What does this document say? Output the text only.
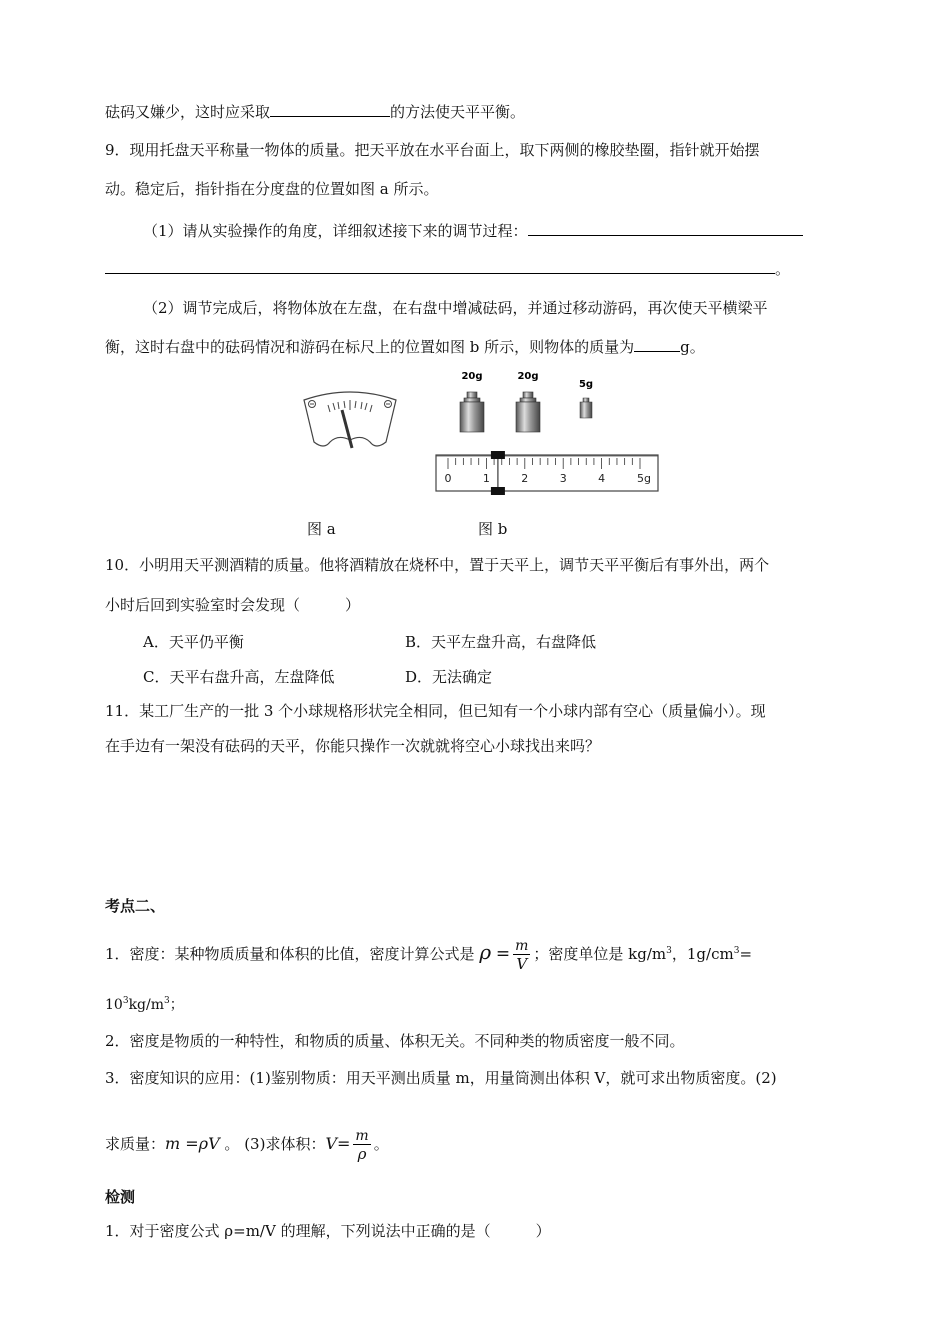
砝码又嫌少，这时应采取	的方法使天平平衡。
9．现用托盘天平称量一物体的质量。把天平放在水平台面上，取下两侧的橡胶垫圈，指针就开始摆
动。稳定后，指针指在分度盘的位置如图 a 所示。
（1）请从实验操作的角度，详细叙述接下来的调节过程：
。
（2）调节完成后，将物体放在左盘，在右盘中增减砝码，并通过移动游码，再次使天平横梁平
衡，这时右盘中的砝码情况和游码在标尺上的位置如图 b 所示，则物体的质量为	g。
20g	20g
5g
0	1	2	3	4	5g
图 a	图 b
10．小明用天平测酒精的质量。他将酒精放在烧杯中，置于天平上，调节天平平衡后有事外出，两个
小时后回到实验室时会发现（　　　）
A．天平仍平衡	B．天平左盘升高，右盘降低
C．天平右盘升高，左盘降低	D．无法确定
11．某工厂生产的一批 3 个小球规格形状完全相同，但已知有一个小球内部有空心（质量偏小）。现
在手边有一架没有砝码的天平，你能只操作一次就就将空心小球找出来吗？
考点二、
1．密度：某种物质质量和体积的比值，密度计算公式是 $\rho = \frac{m}{V}$ ；密度单位是 $kg/m^3$，$1g/cm^3=$
$10^3kg/m^3$；
2．密度是物质的一种特性，和物质的质量、体积无关。不同种类的物质密度一般不同。
3．密度知识的应用：(1)鉴别物质：用天平测出质量 m，用量筒测出体积 V，就可求出物质密度。(2)
求质量：m =ρV 。 (3)求体积：$V= \frac{m}{\rho}$ 。
检测
1．对于密度公式 ρ=m/V 的理解，下列说法中正确的是（　　　）
